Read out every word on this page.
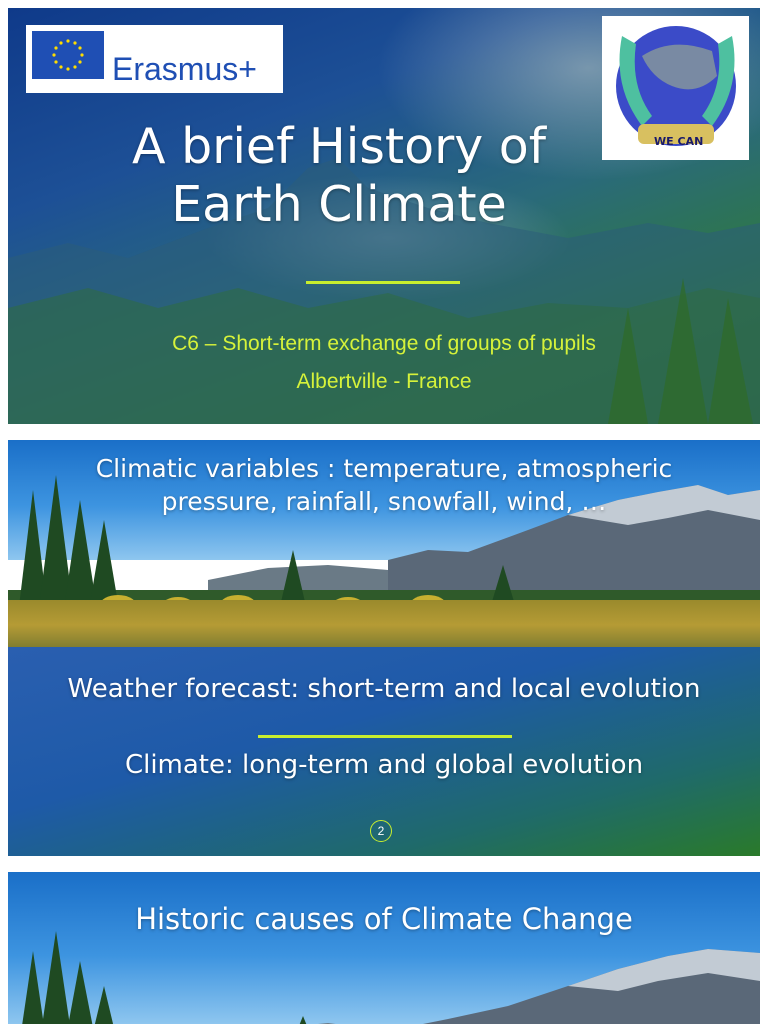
Erasmus+
WE CAN
A brief History of
Earth Climate
C6 – Short-term exchange of groups of pupils
Albertville - France
Climatic variables : temperature, atmospheric
pressure, rainfall, snowfall, wind, …
Weather forecast: short-term and local evolution
Climate: long-term and global evolution
2
Historic causes of Climate Change
